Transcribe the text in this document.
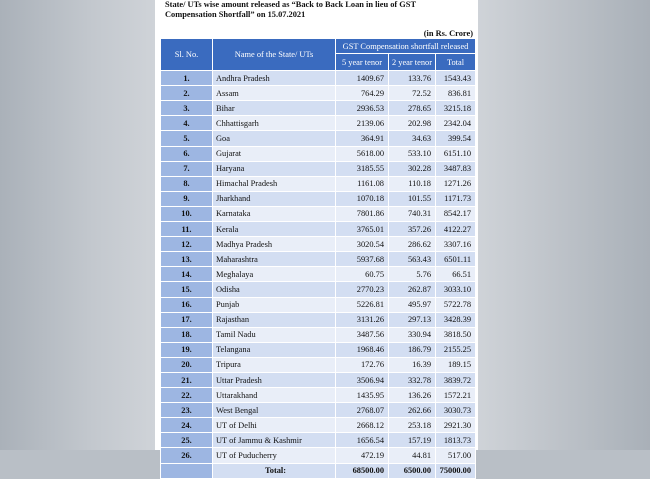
State/ UTs wise amount released as “Back to Back Loan in lieu of GST Compensation Shortfall” on 15.07.2021
(in Rs. Crore)
Sl. No.	Name of the State/ UTs	GST Compensation shortfall released		
		5 year tenor	2 year tenor	Total
1.	Andhra Pradesh	1409.67	133.76	1543.43
2.	Assam	764.29	72.52	836.81
3.	Bihar	2936.53	278.65	3215.18
4.	Chhattisgarh	2139.06	202.98	2342.04
5.	Goa	364.91	34.63	399.54
6.	Gujarat	5618.00	533.10	6151.10
7.	Haryana	3185.55	302.28	3487.83
8.	Himachal Pradesh	1161.08	110.18	1271.26
9.	Jharkhand	1070.18	101.55	1171.73
10.	Karnataka	7801.86	740.31	8542.17
11.	Kerala	3765.01	357.26	4122.27
12.	Madhya Pradesh	3020.54	286.62	3307.16
13.	Maharashtra	5937.68	563.43	6501.11
14.	Meghalaya	60.75	5.76	66.51
15.	Odisha	2770.23	262.87	3033.10
16.	Punjab	5226.81	495.97	5722.78
17.	Rajasthan	3131.26	297.13	3428.39
18.	Tamil Nadu	3487.56	330.94	3818.50
19.	Telangana	1968.46	186.79	2155.25
20.	Tripura	172.76	16.39	189.15
21.	Uttar Pradesh	3506.94	332.78	3839.72
22.	Uttarakhand	1435.95	136.26	1572.21
23.	West Bengal	2768.07	262.66	3030.73
24.	UT of Delhi	2668.12	253.18	2921.30
25.	UT of Jammu & Kashmir	1656.54	157.19	1813.73
26.	UT of Puducherry	472.19	44.81	517.00
	Total:	68500.00	6500.00	75000.00
